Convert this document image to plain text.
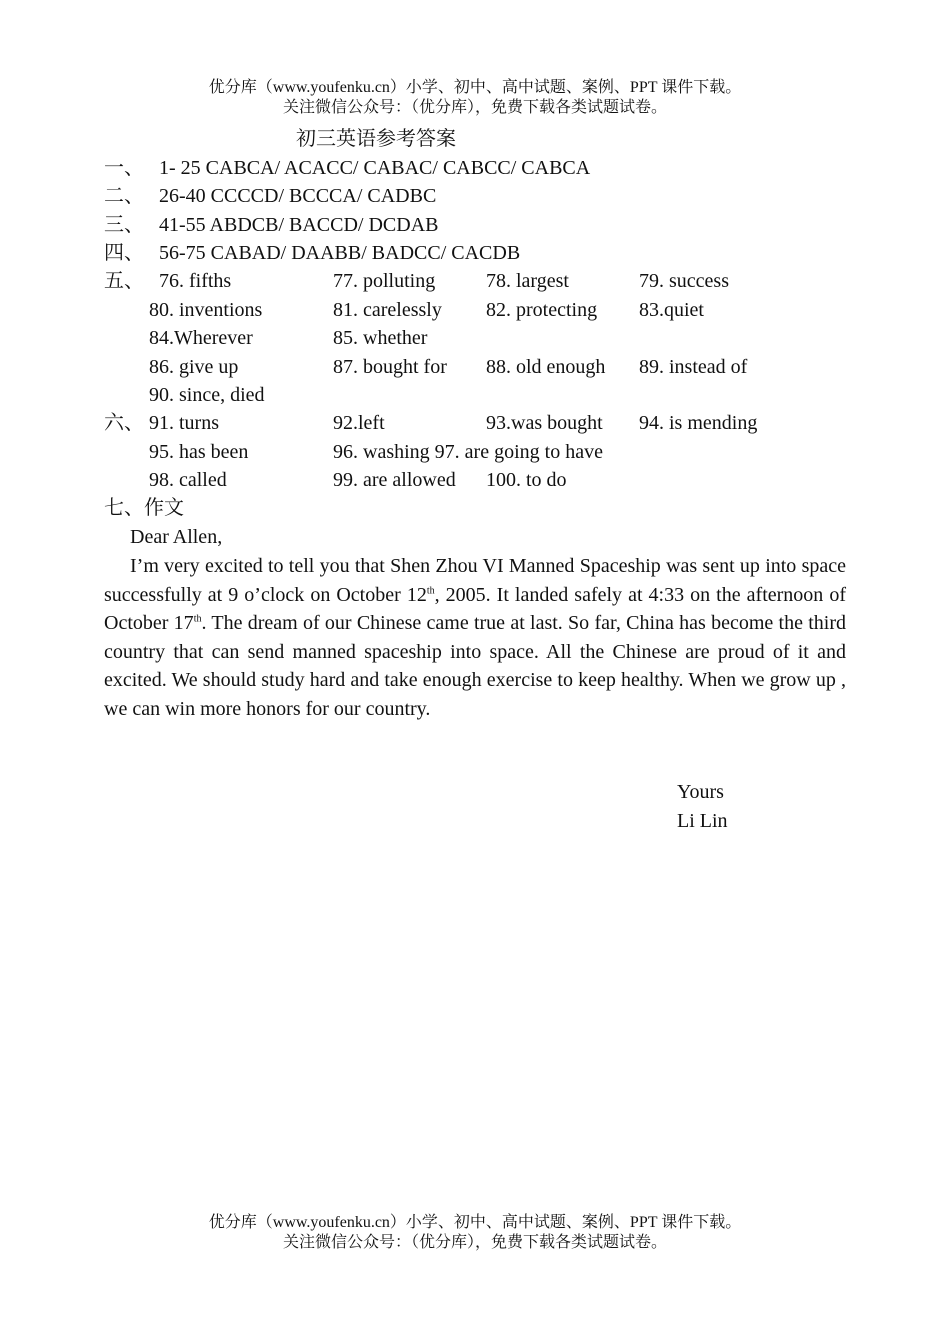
优分库（www.youfenku.cn）小学、初中、高中试题、案例、PPT 课件下载。
关注微信公众号：（优分库），免费下载各类试题试卷。
初三英语参考答案
一、 1- 25 CABCA/ ACACC/ CABAC/ CABCC/ CABCA
二、 26-40 CCCCD/ BCCCA/ CADBC
三、 41-55 ABDCB/ BACCD/ DCDAB
四、 56-75 CABAD/ DAABB/ BADCC/ CACDB
五、 76. fifths	77. polluting	78. largest	79. success
80. inventions	81. carelessly 82. protecting 83.quiet
84.Wherever	85. whether
86. give up	87. bought for 88. old enough 89. instead of
90. since, died
六、 91. turns	92.left	93.was bought 94. is mending
95. has been	96. washing 97. are going to have
98. called	99. are allowed 100. to do
七、作文
Dear Allen,
I’m very excited to tell you that Shen Zhou VI Manned Spaceship was sent up into space successfully at 9 o’clock on October 12th, 2005. It landed safely at 4:33 on the afternoon of October 17th. The dream of our Chinese came true at last. So far, China has become the third country that can send manned spaceship into space. All the Chinese are proud of it and excited. We should study hard and take enough exercise to keep healthy. When we grow up , we can win more honors for our country.
Yours
Li Lin
优分库（www.youfenku.cn）小学、初中、高中试题、案例、PPT 课件下载。
关注微信公众号：（优分库），免费下载各类试题试卷。
